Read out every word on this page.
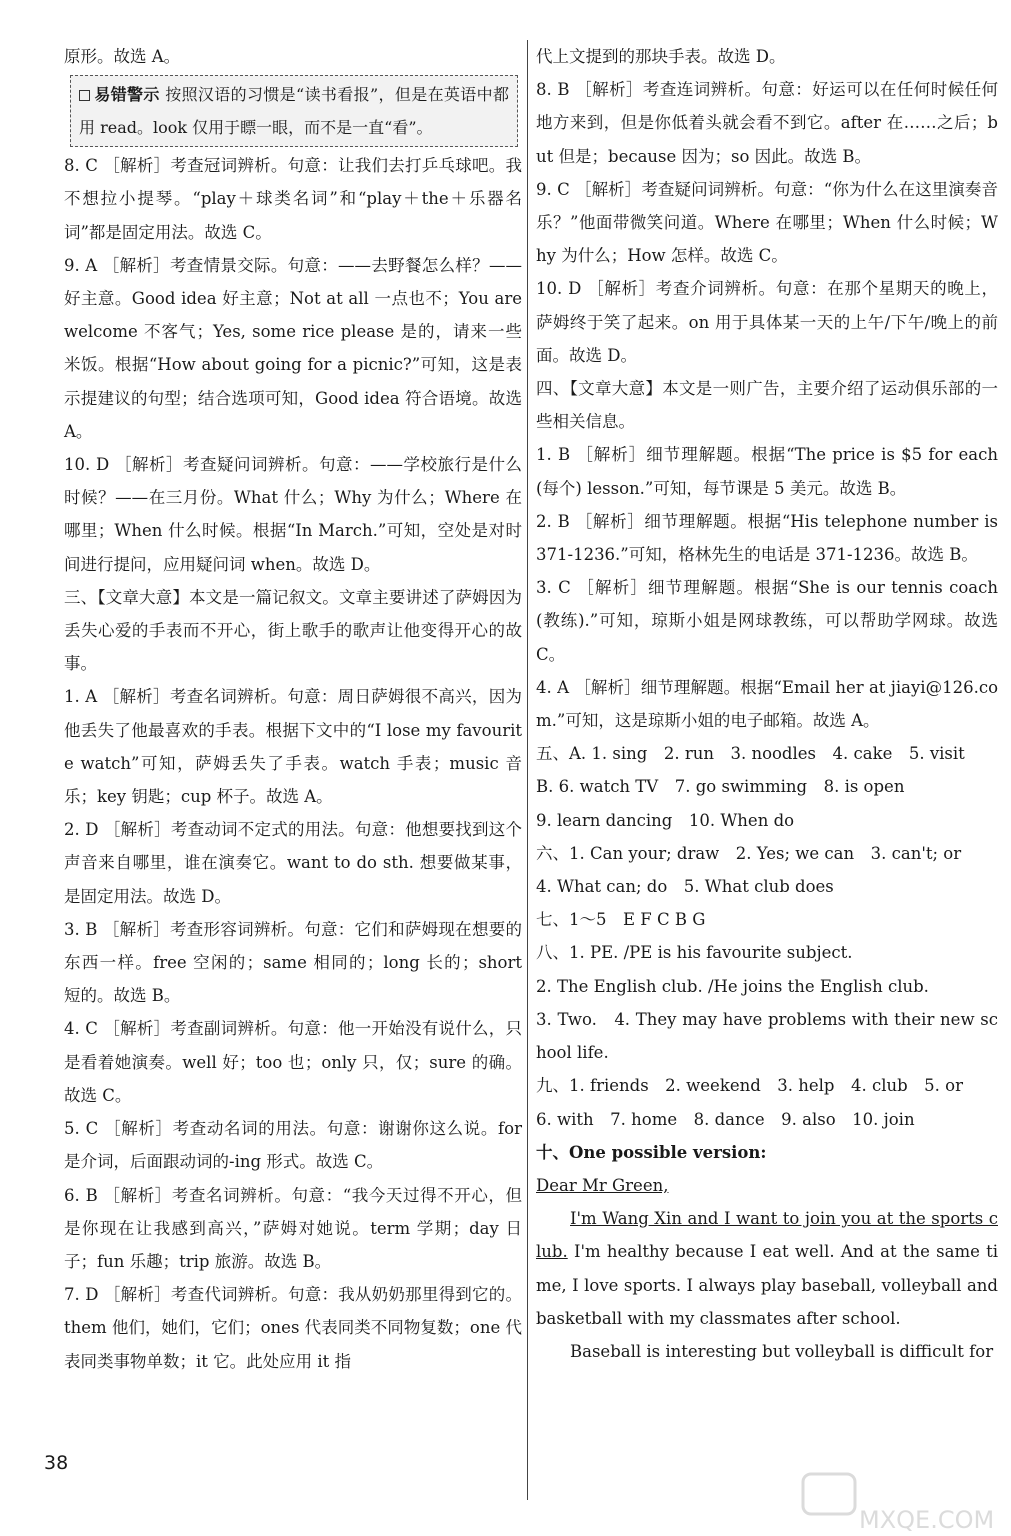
原形。故选 A。

易错警示 按照汉语的习惯是“读书看报”，但是在英语中都用 read。look 仅用于瞟一眼，而不是一直“看”。

8. C ［解析］考查冠词辨析。句意：让我们去打乒乓球吧。我不想拉小提琴。“play＋球类名词”和“play＋the＋乐器名词”都是固定用法。故选 C。

9. A ［解析］考查情景交际。句意：——去野餐怎么样？——好主意。Good idea 好主意；Not at all 一点也不；You are welcome 不客气；Yes, some rice please 是的，请来一些米饭。根据“How about going for a picnic?”可知，这是表示提建议的句型；结合选项可知，Good idea 符合语境。故选 A。

10. D ［解析］考查疑问词辨析。句意：——学校旅行是什么时候？——在三月份。What 什么；Why 为什么；Where 在哪里；When 什么时候。根据“In March.”可知，空处是对时间进行提问，应用疑问词 when。故选 D。

三、【文章大意】本文是一篇记叙文。文章主要讲述了萨姆因为丢失心爱的手表而不开心，街上歌手的歌声让他变得开心的故事。

1. A ［解析］考查名词辨析。句意：周日萨姆很不高兴，因为他丢失了他最喜欢的手表。根据下文中的“I lose my favourite watch”可知，萨姆丢失了手表。watch 手表；music 音乐；key 钥匙；cup 杯子。故选 A。

2. D ［解析］考查动词不定式的用法。句意：他想要找到这个声音来自哪里，谁在演奏它。want to do sth. 想要做某事，是固定用法。故选 D。

3. B ［解析］考查形容词辨析。句意：它们和萨姆现在想要的东西一样。free 空闲的；same 相同的；long 长的；short 短的。故选 B。

4. C ［解析］考查副词辨析。句意：他一开始没有说什么，只是看着她演奏。well 好；too 也；only 只，仅；sure 的确。故选 C。

5. C ［解析］考查动名词的用法。句意：谢谢你这么说。for 是介词，后面跟动词的-ing 形式。故选 C。

6. B ［解析］考查名词辨析。句意：“我今天过得不开心，但是你现在让我感到高兴，”萨姆对她说。term 学期；day 日子；fun 乐趣；trip 旅游。故选 B。

7. D ［解析］考查代词辨析。句意：我从奶奶那里得到它的。them 他们，她们，它们；ones 代表同类不同物复数；one 代表同类事物单数；it 它。此处应用 it 指

代上文提到的那块手表。故选 D。

8. B ［解析］考查连词辨析。句意：好运可以在任何时候任何地方来到，但是你低着头就会看不到它。after 在……之后；but 但是；because 因为；so 因此。故选 B。

9. C ［解析］考查疑问词辨析。句意：“你为什么在这里演奏音乐？”他面带微笑问道。Where 在哪里；When 什么时候；Why 为什么；How 怎样。故选 C。

10. D ［解析］考查介词辨析。句意：在那个星期天的晚上，萨姆终于笑了起来。on 用于具体某一天的上午/下午/晚上的前面。故选 D。

四、【文章大意】本文是一则广告，主要介绍了运动俱乐部的一些相关信息。

1. B ［解析］细节理解题。根据“The price is $5 for each(每个) lesson.”可知，每节课是 5 美元。故选 B。

2. B ［解析］细节理解题。根据“His telephone number is 371-1236.”可知，格林先生的电话是 371-1236。故选 B。

3. C ［解析］细节理解题。根据“She is our tennis coach(教练).”可知，琼斯小姐是网球教练，可以帮助学网球。故选 C。

4. A ［解析］细节理解题。根据“Email her at jiayi@126.com.”可知，这是琼斯小姐的电子邮箱。故选 A。

五、A. 1. sing　2. run　3. noodles　4. cake　5. visit

B. 6. watch TV　7. go swimming　8. is open

9. learn dancing　10. When do

六、1. Can your; draw　2. Yes; we can　3. can't; or

4. What can; do　5. What club does

七、1～5　E F C B G

八、1. PE. /PE is his favourite subject.

2. The English club. /He joins the English club.

3. Two.　4. They may have problems with their new school life.

九、1. friends　2. weekend　3. help　4. club　5. or

6. with　7. home　8. dance　9. also　10. join

十、One possible version:

Dear Mr Green,

I'm Wang Xin and I want to join you at the sports club. I'm healthy because I eat well. And at the same time, I love sports. I always play baseball, volleyball and basketball with my classmates after school.

Baseball is interesting but volleyball is difficult for

38
MXQE.COM
